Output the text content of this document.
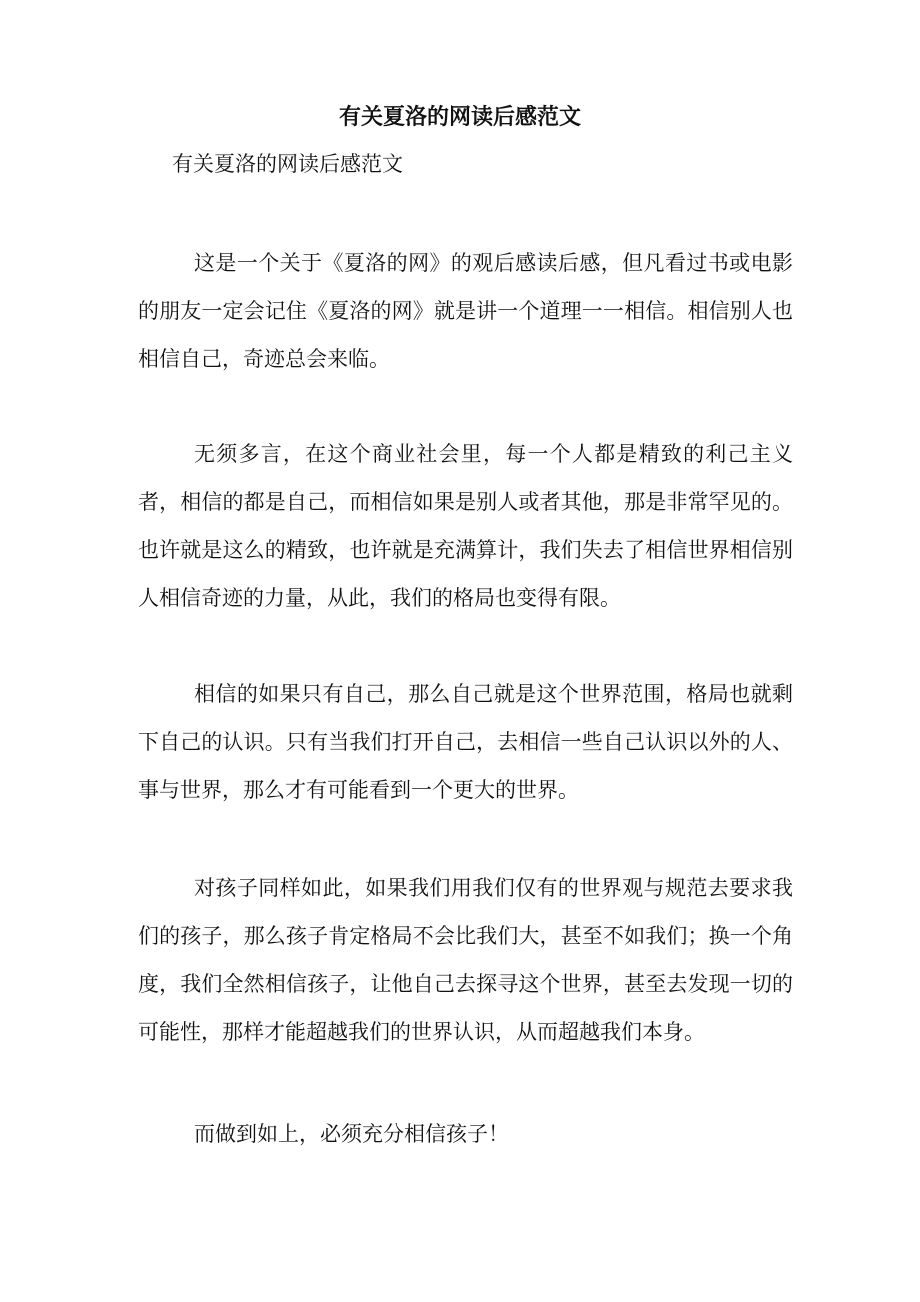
有关夏洛的网读后感范文

有关夏洛的网读后感范文

这是一个关于《夏洛的网》的观后感读后感，但凡看过书或电影的朋友一定会记住《夏洛的网》就是讲一个道理一一相信。相信别人也相信自己，奇迹总会来临。

无须多言，在这个商业社会里，每一个人都是精致的利己主义者，相信的都是自己，而相信如果是别人或者其他，那是非常罕见的。也许就是这么的精致，也许就是充满算计，我们失去了相信世界相信别人相信奇迹的力量，从此，我们的格局也变得有限。

相信的如果只有自己，那么自己就是这个世界范围，格局也就剩下自己的认识。只有当我们打开自己，去相信一些自己认识以外的人、事与世界，那么才有可能看到一个更大的世界。

对孩子同样如此，如果我们用我们仅有的世界观与规范去要求我们的孩子，那么孩子肯定格局不会比我们大，甚至不如我们；换一个角度，我们全然相信孩子，让他自己去探寻这个世界，甚至去发现一切的可能性，那样才能超越我们的世界认识，从而超越我们本身。

而做到如上，必须充分相信孩子！
